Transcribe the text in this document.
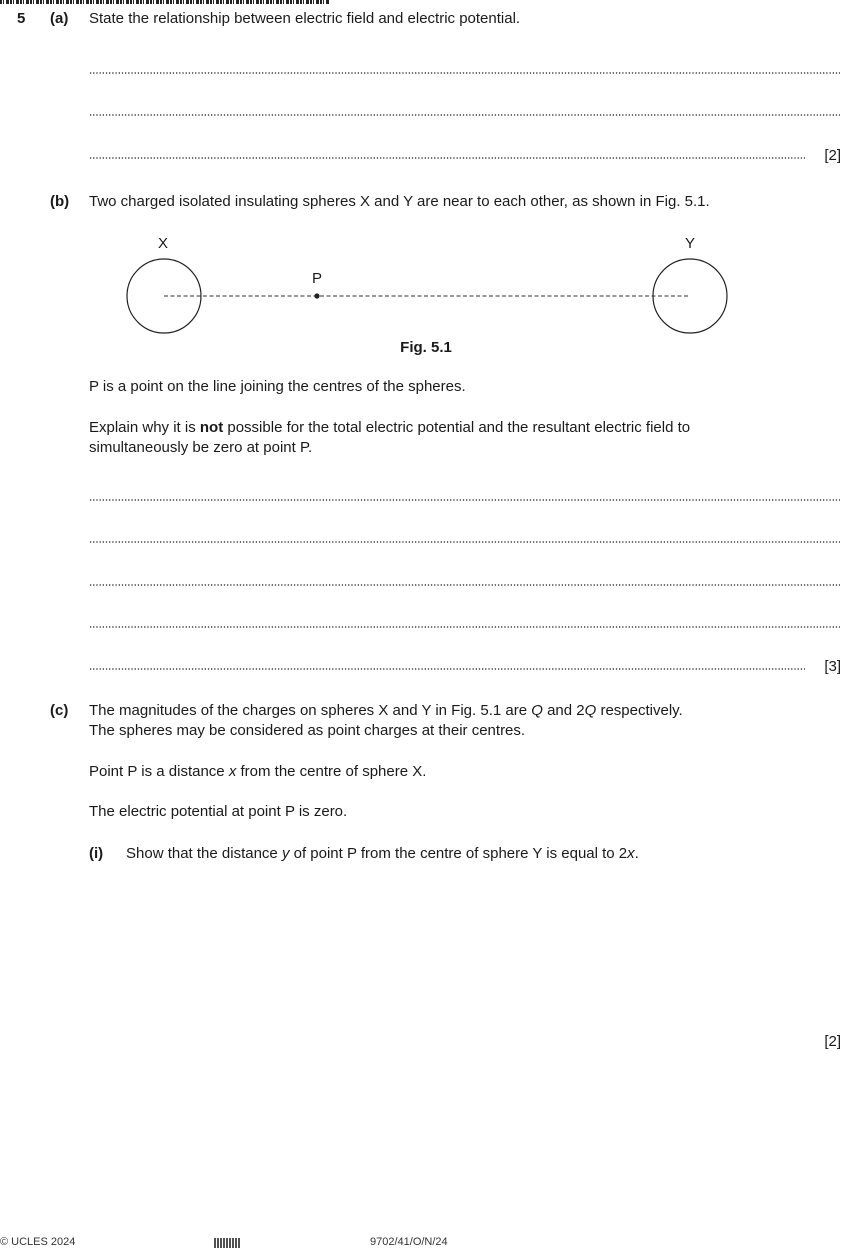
5 (a) State the relationship between electric field and electric potential.
[2]
(b) Two charged isolated insulating spheres X and Y are near to each other, as shown in Fig. 5.1.
X	Y
P
Fig. 5.1
P is a point on the line joining the centres of the spheres.
Explain why it is not possible for the total electric potential and the resultant electric field to
simultaneously be zero at point P.
[3]
(c) The magnitudes of the charges on spheres X and Y in Fig. 5.1 are Q and 2Q respectively.
The spheres may be considered as point charges at their centres.
Point P is a distance x from the centre of sphere X.
The electric potential at point P is zero.
(i) Show that the distance y of point P from the centre of sphere Y is equal to 2x.
[2]
© UCLES 2024	9702/41/O/N/24
